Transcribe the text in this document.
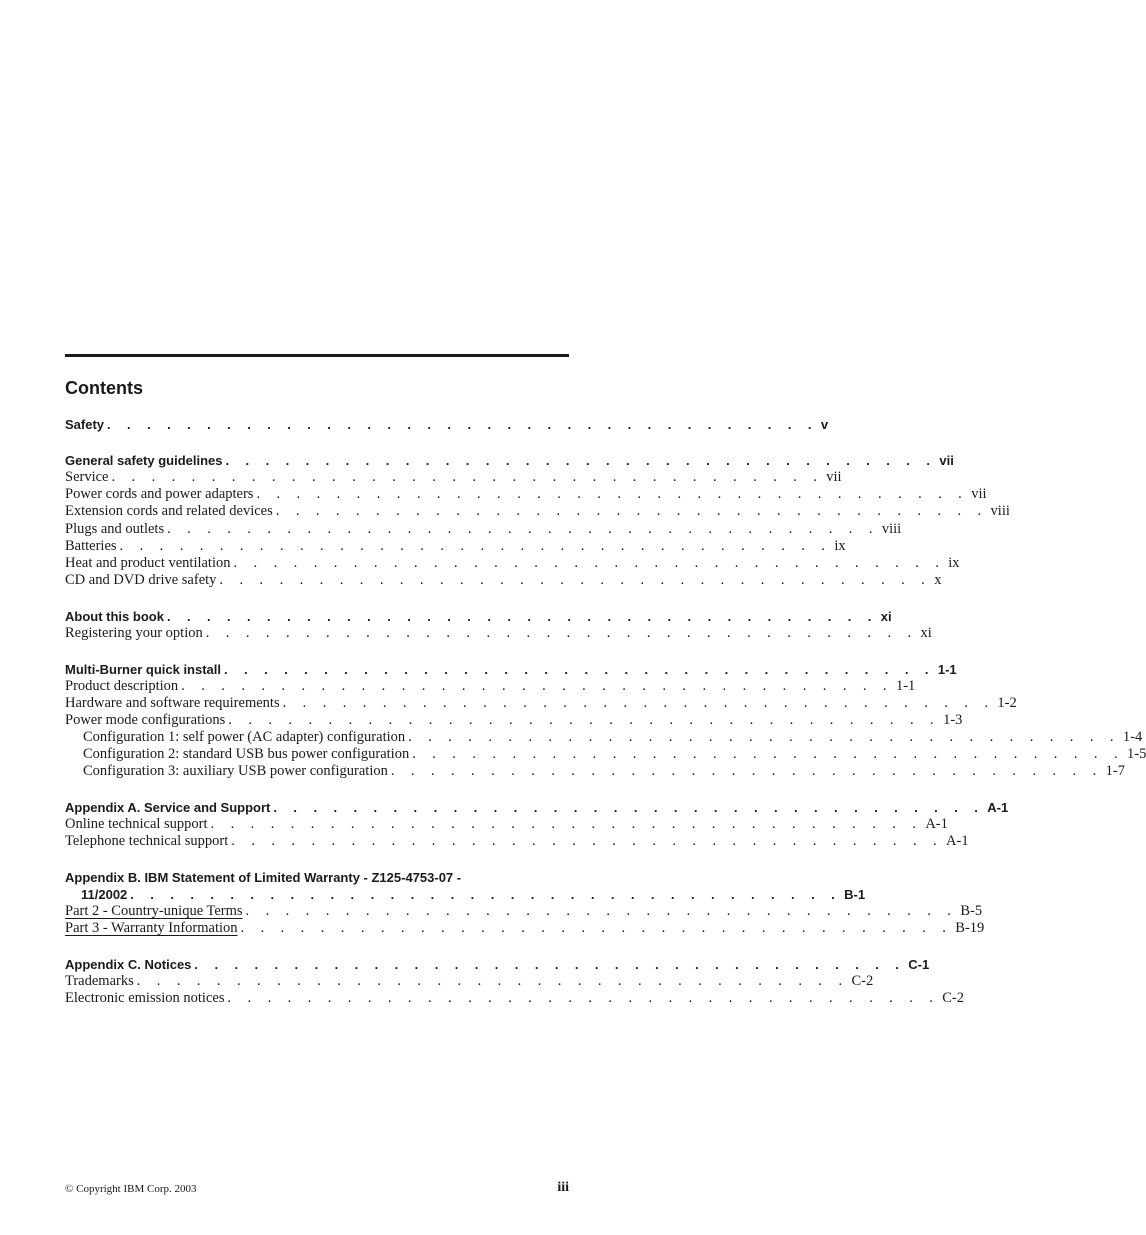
Contents
Safety . . . . . . . . . . . . . . . . . . . . . . . . . . . . . . . . . . . . v
General safety guidelines . . . . . . . . . . . . . . . . . . . . . . . . . . . . . . . . . . . . vii
Service . . . . . . . . . . . . . . . . . . . . . . . . . . . . . . . . . . . . vii
Power cords and power adapters . . . . . . . . . . . . . . . . . . . . . . . . . . . . . . . . . . . . vii
Extension cords and related devices . . . . . . . . . . . . . . . . . . . . . . . . . . . . . . . . . . . . viii
Plugs and outlets . . . . . . . . . . . . . . . . . . . . . . . . . . . . . . . . . . . . viii
Batteries . . . . . . . . . . . . . . . . . . . . . . . . . . . . . . . . . . . . ix
Heat and product ventilation . . . . . . . . . . . . . . . . . . . . . . . . . . . . . . . . . . . . ix
CD and DVD drive safety . . . . . . . . . . . . . . . . . . . . . . . . . . . . . . . . . . . . x
About this book . . . . . . . . . . . . . . . . . . . . . . . . . . . . . . . . . . . . xi
Registering your option . . . . . . . . . . . . . . . . . . . . . . . . . . . . . . . . . . . . xi
Multi-Burner quick install . . . . . . . . . . . . . . . . . . . . . . . . . . . . . . . . . . . . 1-1
Product description . . . . . . . . . . . . . . . . . . . . . . . . . . . . . . . . . . . . 1-1
Hardware and software requirements . . . . . . . . . . . . . . . . . . . . . . . . . . . . . . . . . . . . 1-2
Power mode configurations . . . . . . . . . . . . . . . . . . . . . . . . . . . . . . . . . . . . 1-3
Configuration 1: self power (AC adapter) configuration . . . . . . . . . . . . . . . . . . . . . . . . . . . . . . . . . . . . 1-4
Configuration 2: standard USB bus power configuration . . . . . . . . . . . . . . . . . . . . . . . . . . . . . . . . . . . . 1-5
Configuration 3: auxiliary USB power configuration . . . . . . . . . . . . . . . . . . . . . . . . . . . . . . . . . . . . 1-7
Appendix A. Service and Support . . . . . . . . . . . . . . . . . . . . . . . . . . . . . . . . . . . . A-1
Online technical support . . . . . . . . . . . . . . . . . . . . . . . . . . . . . . . . . . . . A-1
Telephone technical support . . . . . . . . . . . . . . . . . . . . . . . . . . . . . . . . . . . . A-1
Appendix B. IBM Statement of Limited Warranty - Z125-4753-07 -
11/2002 . . . . . . . . . . . . . . . . . . . . . . . . . . . . . . . . . . . . B-1
Part 2 - Country-unique Terms . . . . . . . . . . . . . . . . . . . . . . . . . . . . . . . . . . . . B-5
Part 3 - Warranty Information . . . . . . . . . . . . . . . . . . . . . . . . . . . . . . . . . . . . B-19
Appendix C. Notices . . . . . . . . . . . . . . . . . . . . . . . . . . . . . . . . . . . . C-1
Trademarks . . . . . . . . . . . . . . . . . . . . . . . . . . . . . . . . . . . . C-2
Electronic emission notices . . . . . . . . . . . . . . . . . . . . . . . . . . . . . . . . . . . . C-2
© Copyright IBM Corp. 2003	iii
